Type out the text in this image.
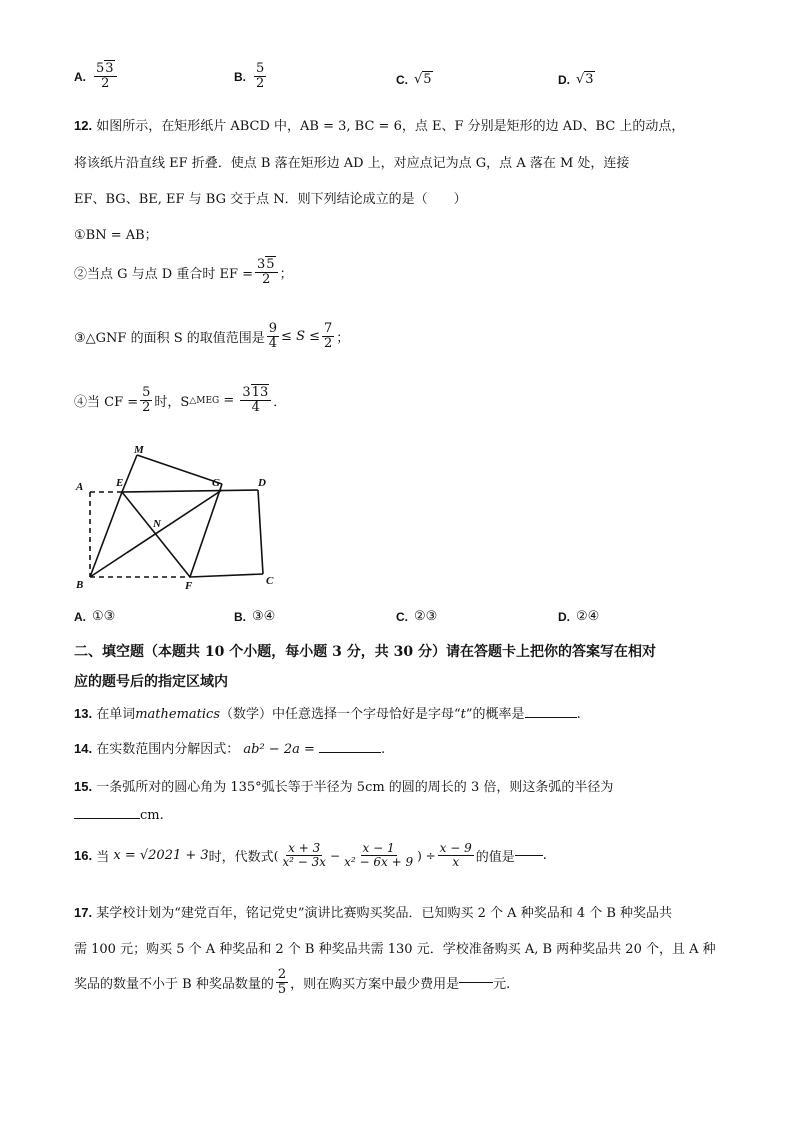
A. $\frac{53}{2}$	B. $\frac{5}{2}$	C. √5	D. √3
12. 如图所示，在矩形纸片 ABCD 中，AB = 3, BC = 6，点 E、F 分别是矩形的边 AD、BC 上的动点，
将该纸片沿直线 EF 折叠．使点 B 落在矩形边 AD 上，对应点记为点 G，点 A 落在 M 处，连接
EF、BG、BE, EF 与 BG 交于点 N．则下列结论成立的是（　　）
①BN = AB；
②当点 G 与点 D 重合时 EF = $\frac{35}{2}$ ；
③△GNF 的面积 S 的取值范围是 $\frac{9}{4} \le S \le \frac{7}{2}$ ；
④当 CF = $\frac{5}{2}$ 时，S △MEG = $\frac{313}{4}$ ．
A
B	C
D
E
F
G
M
N
A. ①③	B. ③④	C. ②③	D. ②④
二、填空题（本题共 10 个小题，每小题 3 分，共 30 分）请在答题卡上把你的答案写在相对
应的题号后的指定区域内
13. 在单词mathematics（数学）中任意选择一个字母恰好是字母“t”的概率是	.
14. 在实数范围内分解因式： ab² − 2a =	.
15. 一条弧所对的圆心角为 135°弧长等于半径为 5cm 的圆的周长的 3 倍，则这条弧的半径为
cm.
16.
当
x = √2021 + 3 时，代数式 ( $\frac{x + 3}{\text{x² − 3x}} - \frac{x - 1}{\text{x² − 6x + 9}}$ ) ÷ $\frac{x - 9}{x}$ 的值是 .
17. 某学校计划为“建党百年，铭记党史”演讲比赛购买奖品．已知购买 2 个 A 种奖品和 4 个 B 种奖品共
需 100 元；购买 5 个 A 种奖品和 2 个 B 种奖品共需 130 元．学校准备购买 A, B 两种奖品共 20 个，且 A 种
奖品的数量不小于 B 种奖品数量的 $\frac{2}{5}$ ，则在购买方案中最少费用是	元.
